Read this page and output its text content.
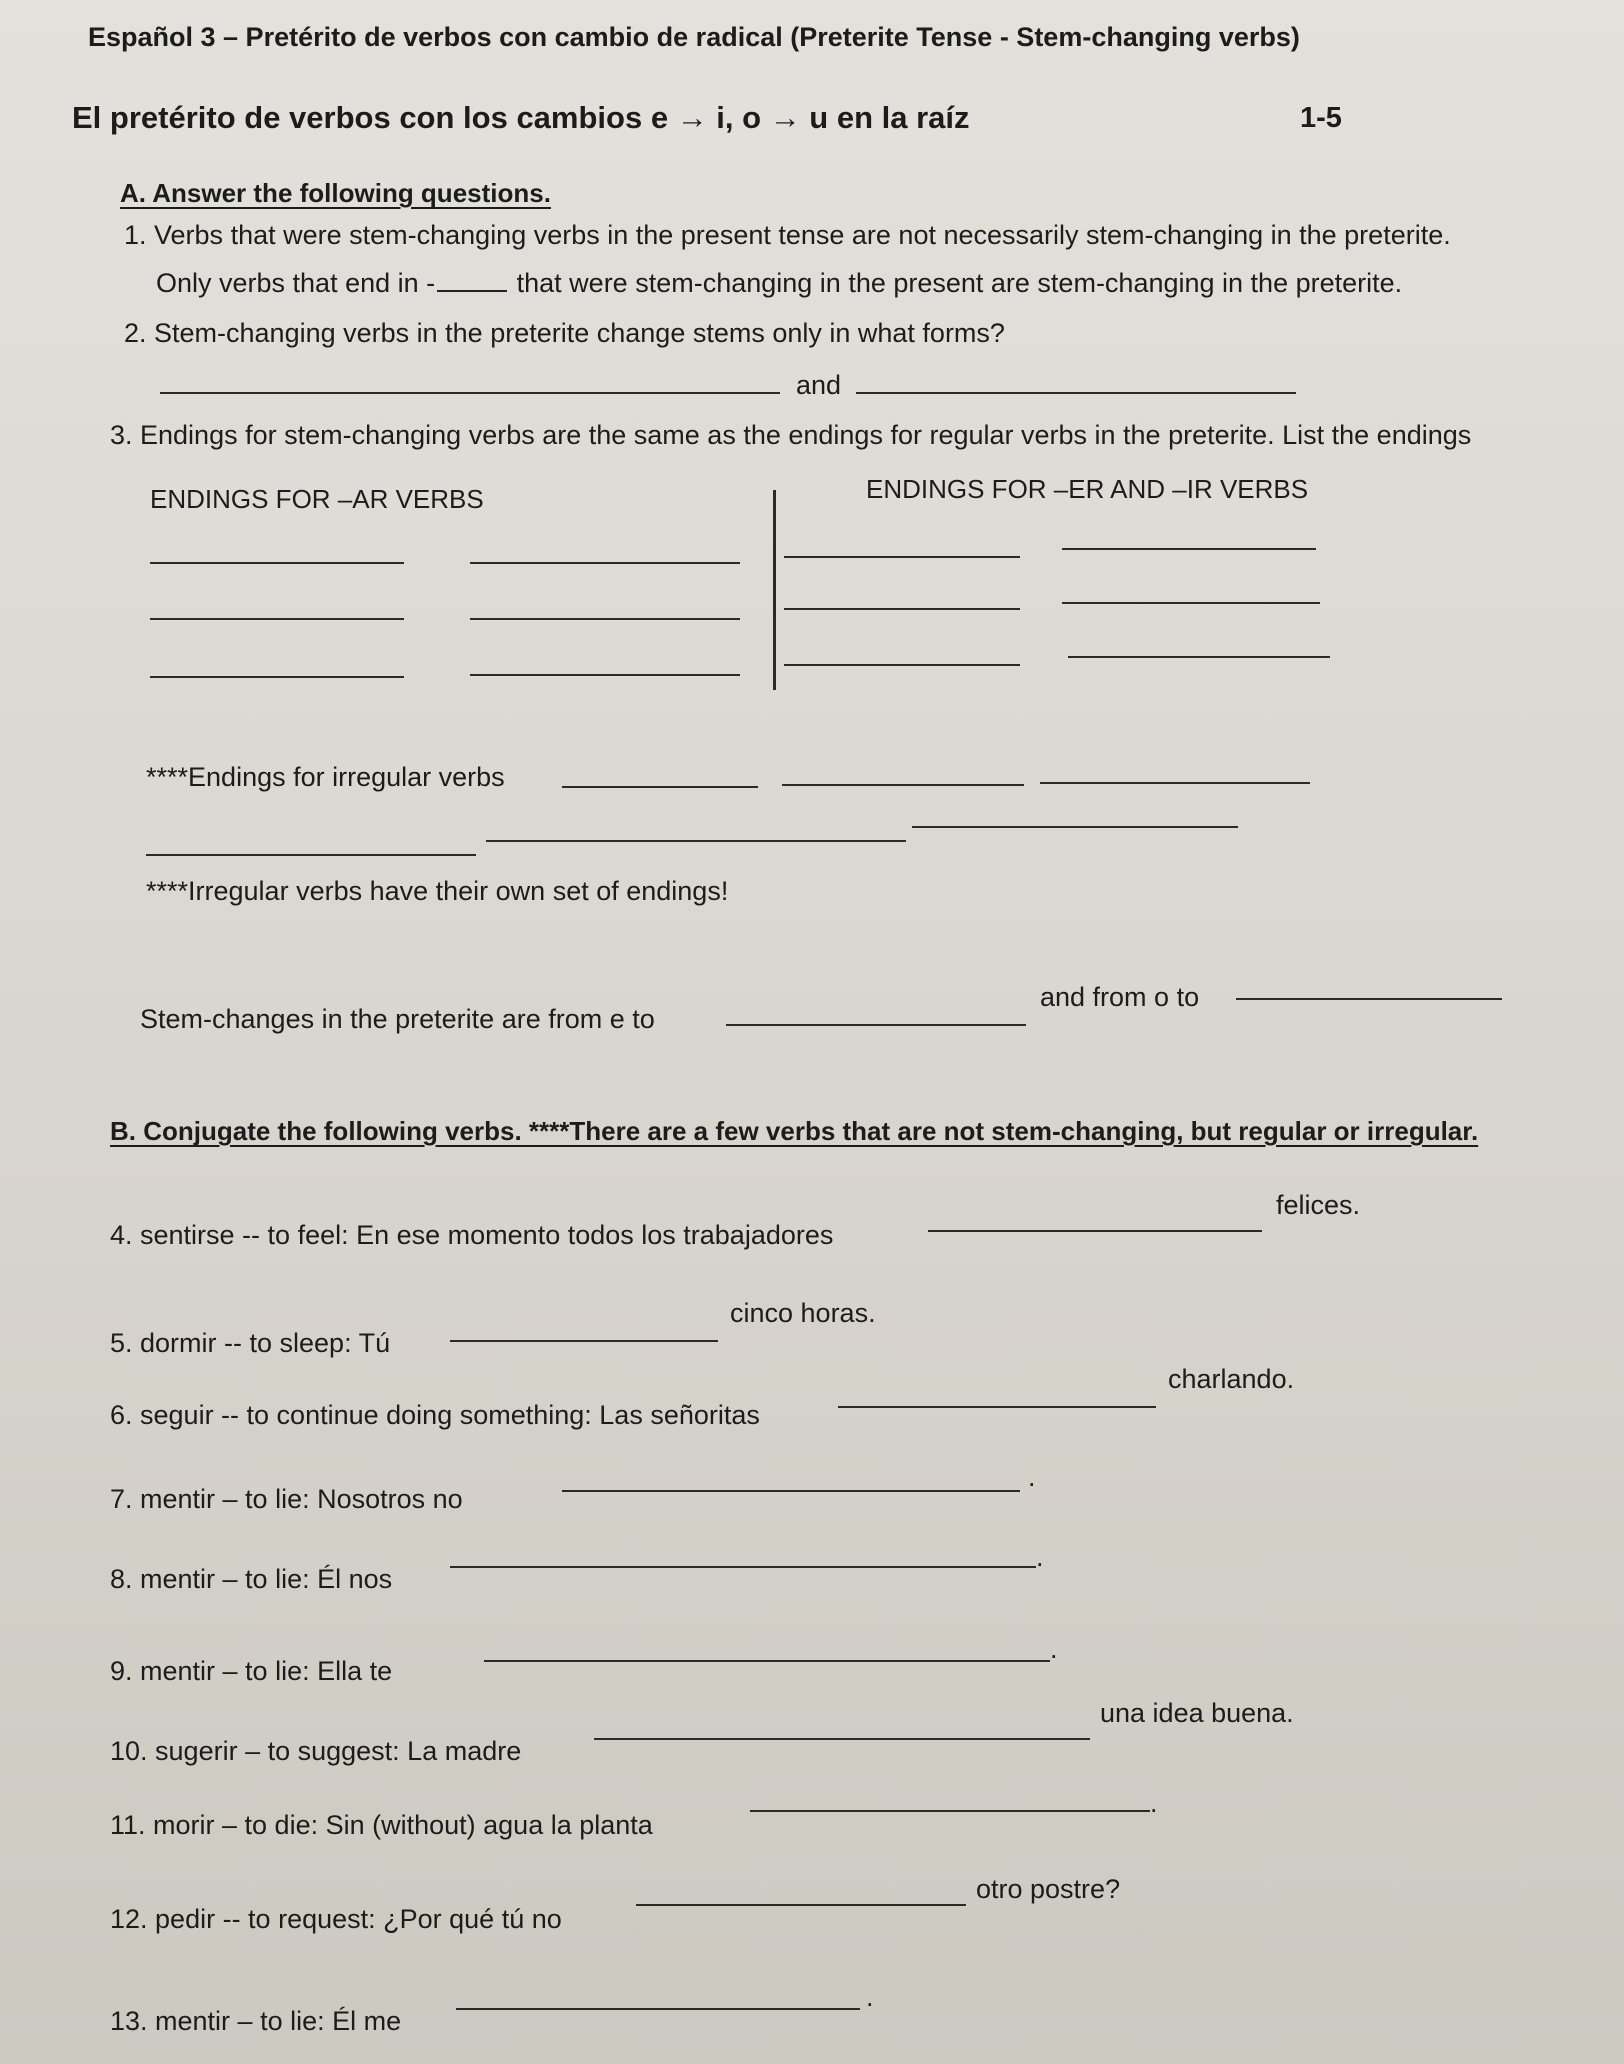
Español 3 – Pretérito de verbos con cambio de radical (Preterite Tense - Stem-changing verbs)
El pretérito de verbos con los cambios e → i, o → u en la raíz	1-5
A. Answer the following questions.
1. Verbs that were stem-changing verbs in the present tense are not necessarily stem-changing in the preterite.
Only verbs that end in -	that were stem-changing in the present are stem-changing in the preterite.
2. Stem-changing verbs in the preterite change stems only in what forms?
and
3. Endings for stem-changing verbs are the same as the endings for regular verbs in the preterite. List the endings
ENDINGS FOR –AR VERBS	ENDINGS FOR –ER AND –IR VERBS
****Endings for irregular verbs
****Irregular verbs have their own set of endings!
Stem-changes in the preterite are from e to
and from o to
B. Conjugate the following verbs. ****There are a few verbs that are not stem-changing, but regular or irregular.
4. sentirse -- to feel: En ese momento todos los trabajadores
felices.
5. dormir -- to sleep: Tú
cinco horas.
6. seguir -- to continue doing something: Las señoritas
charlando.
7. mentir – to lie: Nosotros no
.
8. mentir – to lie: Él nos
.
9. mentir – to lie: Ella te
.
10. sugerir – to suggest: La madre
una idea buena.
11. morir – to die: Sin (without) agua la planta
.
12. pedir -- to request: ¿Por qué tú no
otro postre?
13. mentir – to lie: Él me
.
